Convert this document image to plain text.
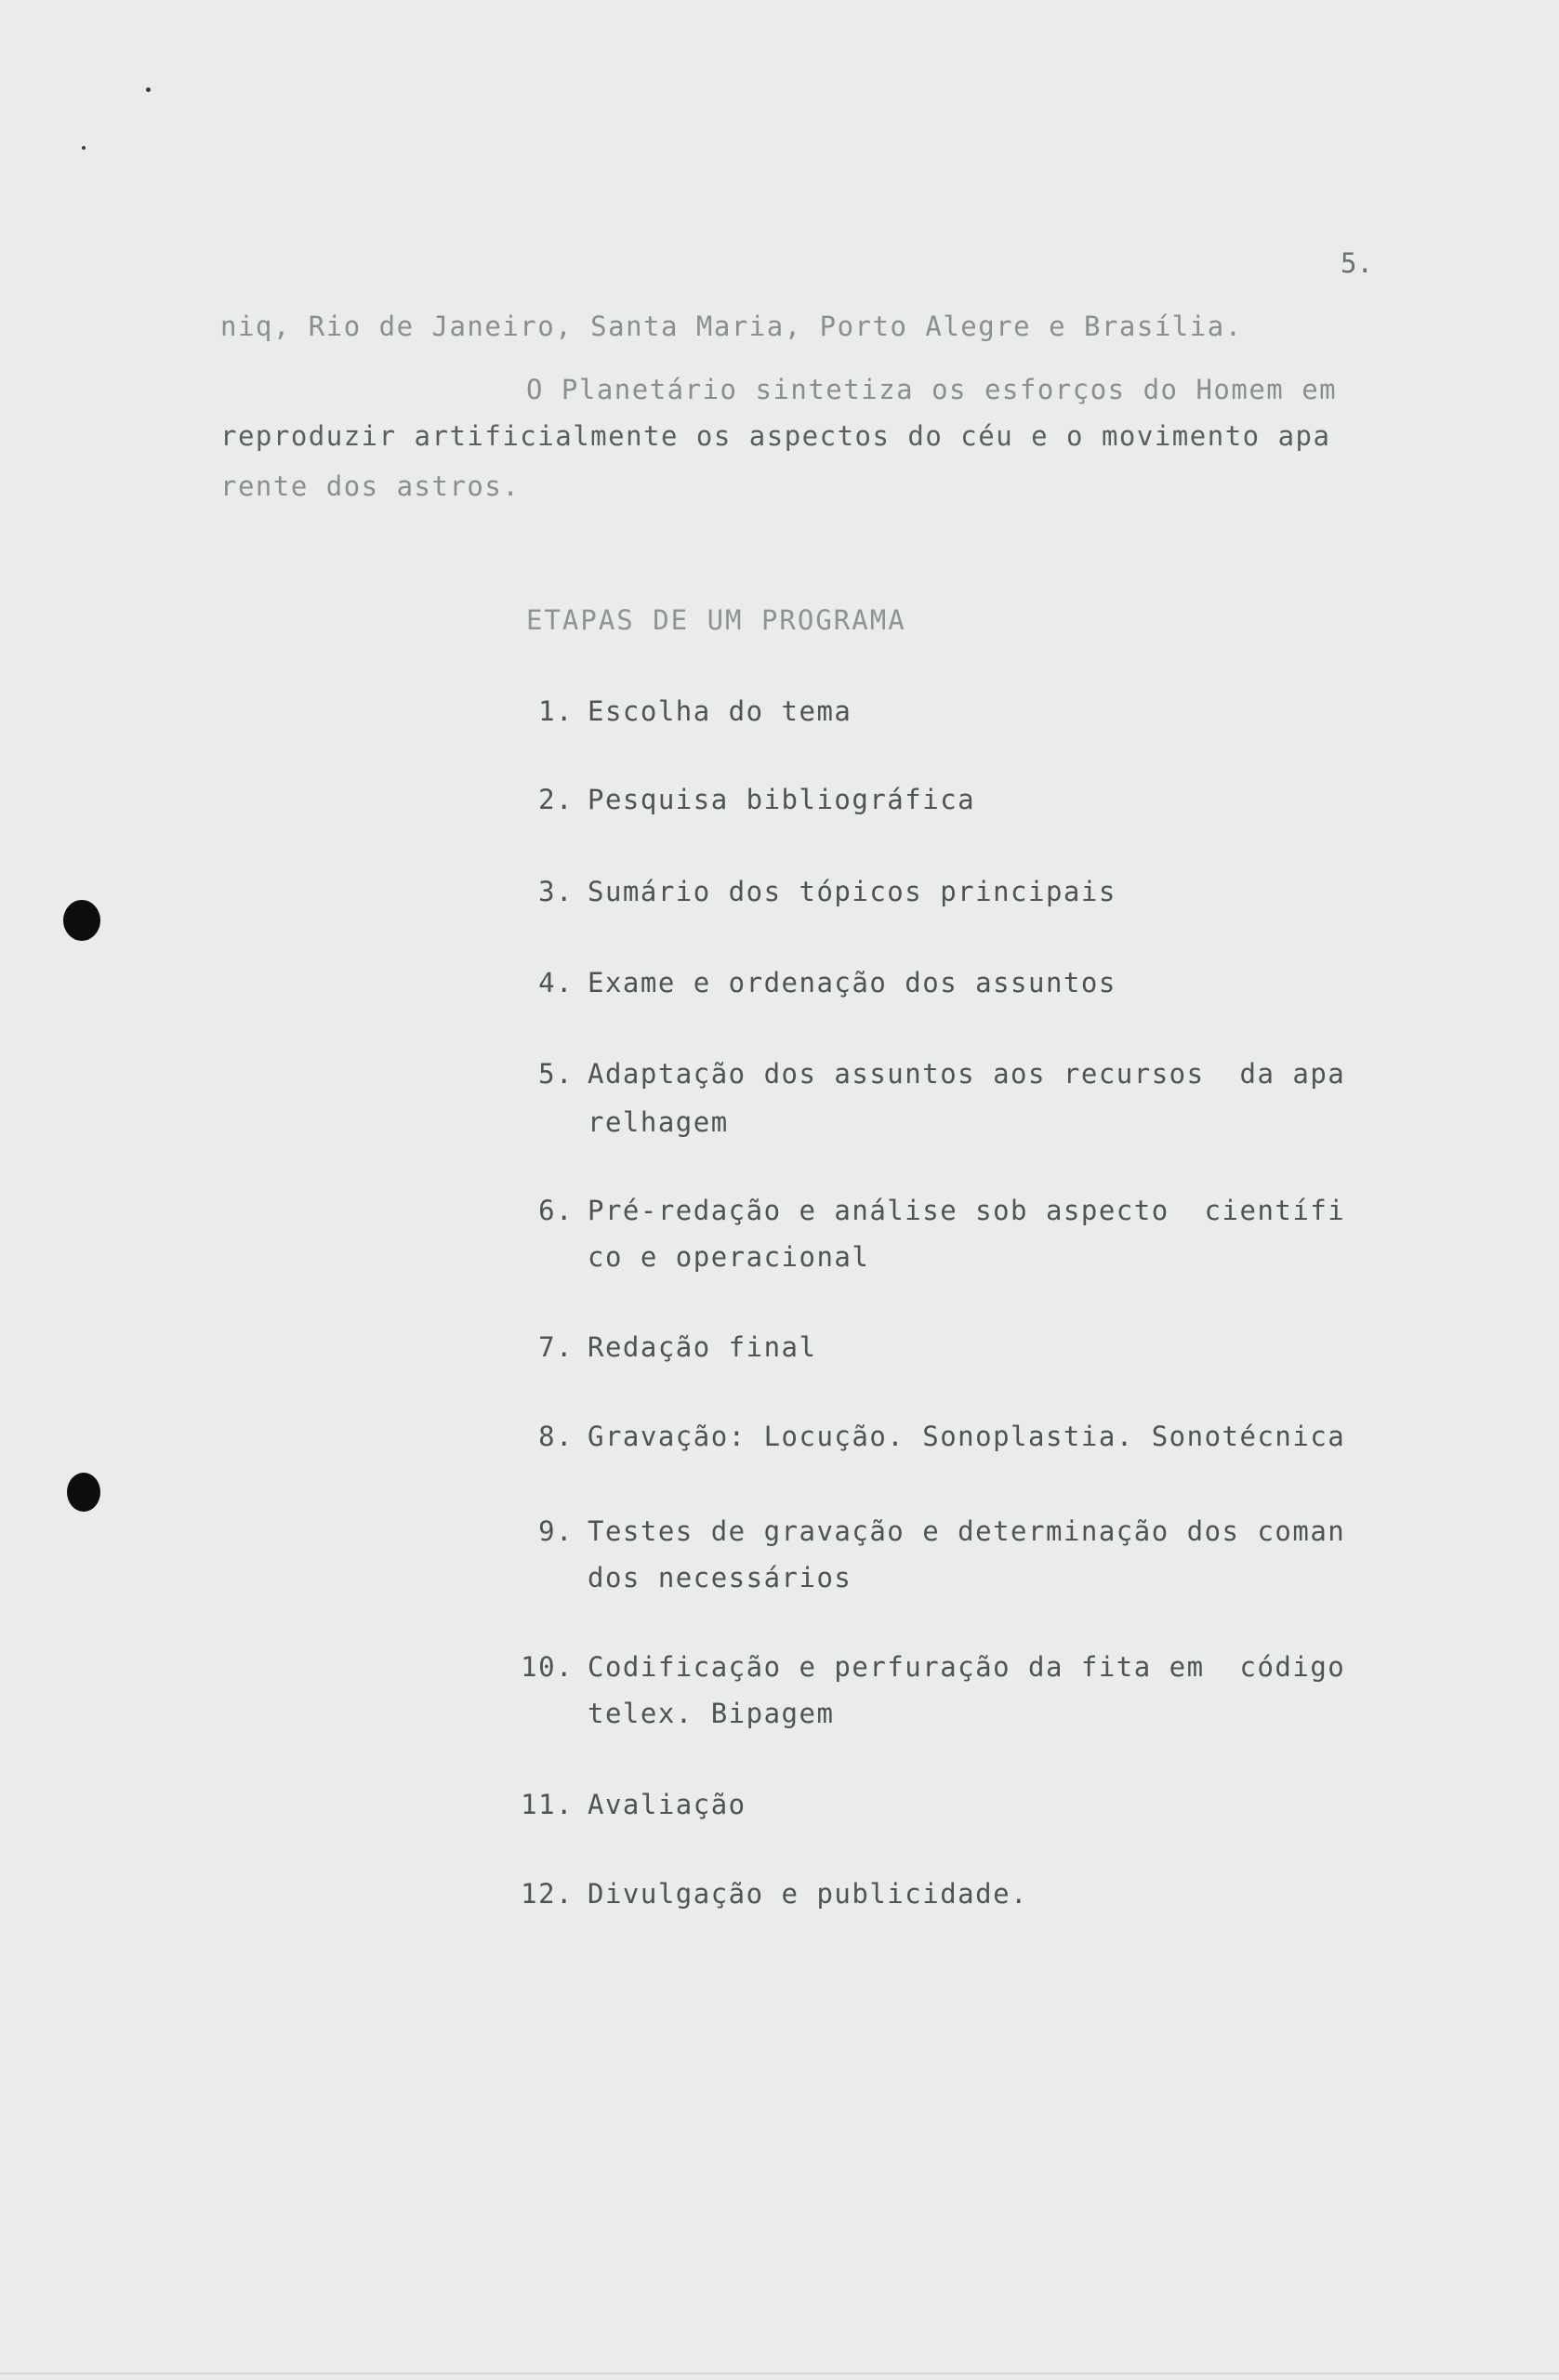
5.
niq, Rio de Janeiro, Santa Maria, Porto Alegre e Brasília.
O Planetário sintetiza os esforços do Homem em
reproduzir artificialmente os aspectos do céu e o movimento apa
rente dos astros.
ETAPAS DE UM PROGRAMA
1. Escolha do tema
2. Pesquisa bibliográfica
3. Sumário dos tópicos principais
4. Exame e ordenação dos assuntos
5. Adaptação dos assuntos aos recursos  da apa
relhagem
6. Pré-redação e análise sob aspecto  científi
co e operacional
7. Redação final
8. Gravação: Locução. Sonoplastia. Sonotécnica
9. Testes de gravação e determinação dos coman
dos necessários
10. Codificação e perfuração da fita em  código
telex. Bipagem
11. Avaliação
12. Divulgação e publicidade.
